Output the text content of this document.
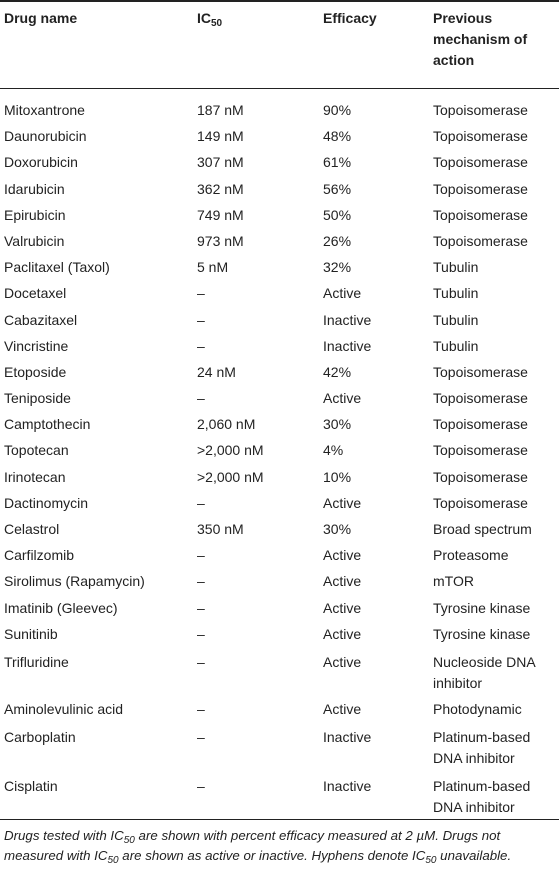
Drug name	$IC_{50}$	Efficacy	Previous mechanism of action

Mitoxantrone	187 nM	90%	Topoisomerase
Daunorubicin	149 nM	48%	Topoisomerase
Doxorubicin	307 nM	61%	Topoisomerase
Idarubicin	362 nM	56%	Topoisomerase
Epirubicin	749 nM	50%	Topoisomerase
Valrubicin	973 nM	26%	Topoisomerase
Paclitaxel (Taxol)	5 nM	32%	Tubulin
Docetaxel	–	Active	Tubulin
Cabazitaxel	–	Inactive	Tubulin
Vincristine	–	Inactive	Tubulin
Etoposide	24 nM	42%	Topoisomerase
Teniposide	–	Active	Topoisomerase
Camptothecin	2,060 nM	30%	Topoisomerase
Topotecan	>2,000 nM	4%	Topoisomerase
Irinotecan	>2,000 nM	10%	Topoisomerase
Dactinomycin	–	Active	Topoisomerase
Celastrol	350 nM	30%	Broad spectrum
Carfilzomib	–	Active	Proteasome
Sirolimus (Rapamycin)	–	Active	mTOR
Imatinib (Gleevec)	–	Active	Tyrosine kinase
Sunitinib	–	Active	Tyrosine kinase
Trifluridine	–	Active	Nucleoside DNA inhibitor
Aminolevulinic acid	–	Active	Photodynamic
Carboplatin	–	Inactive	Platinum-based DNA inhibitor
Cisplatin	–	Inactive	Platinum-based DNA inhibitor
Drugs tested with $IC_{50}$ are shown with percent efficacy measured at 2 µM. Drugs not measured with $IC_{50}$ are shown as active or inactive. Hyphens denote $IC_{50}$ unavailable.
